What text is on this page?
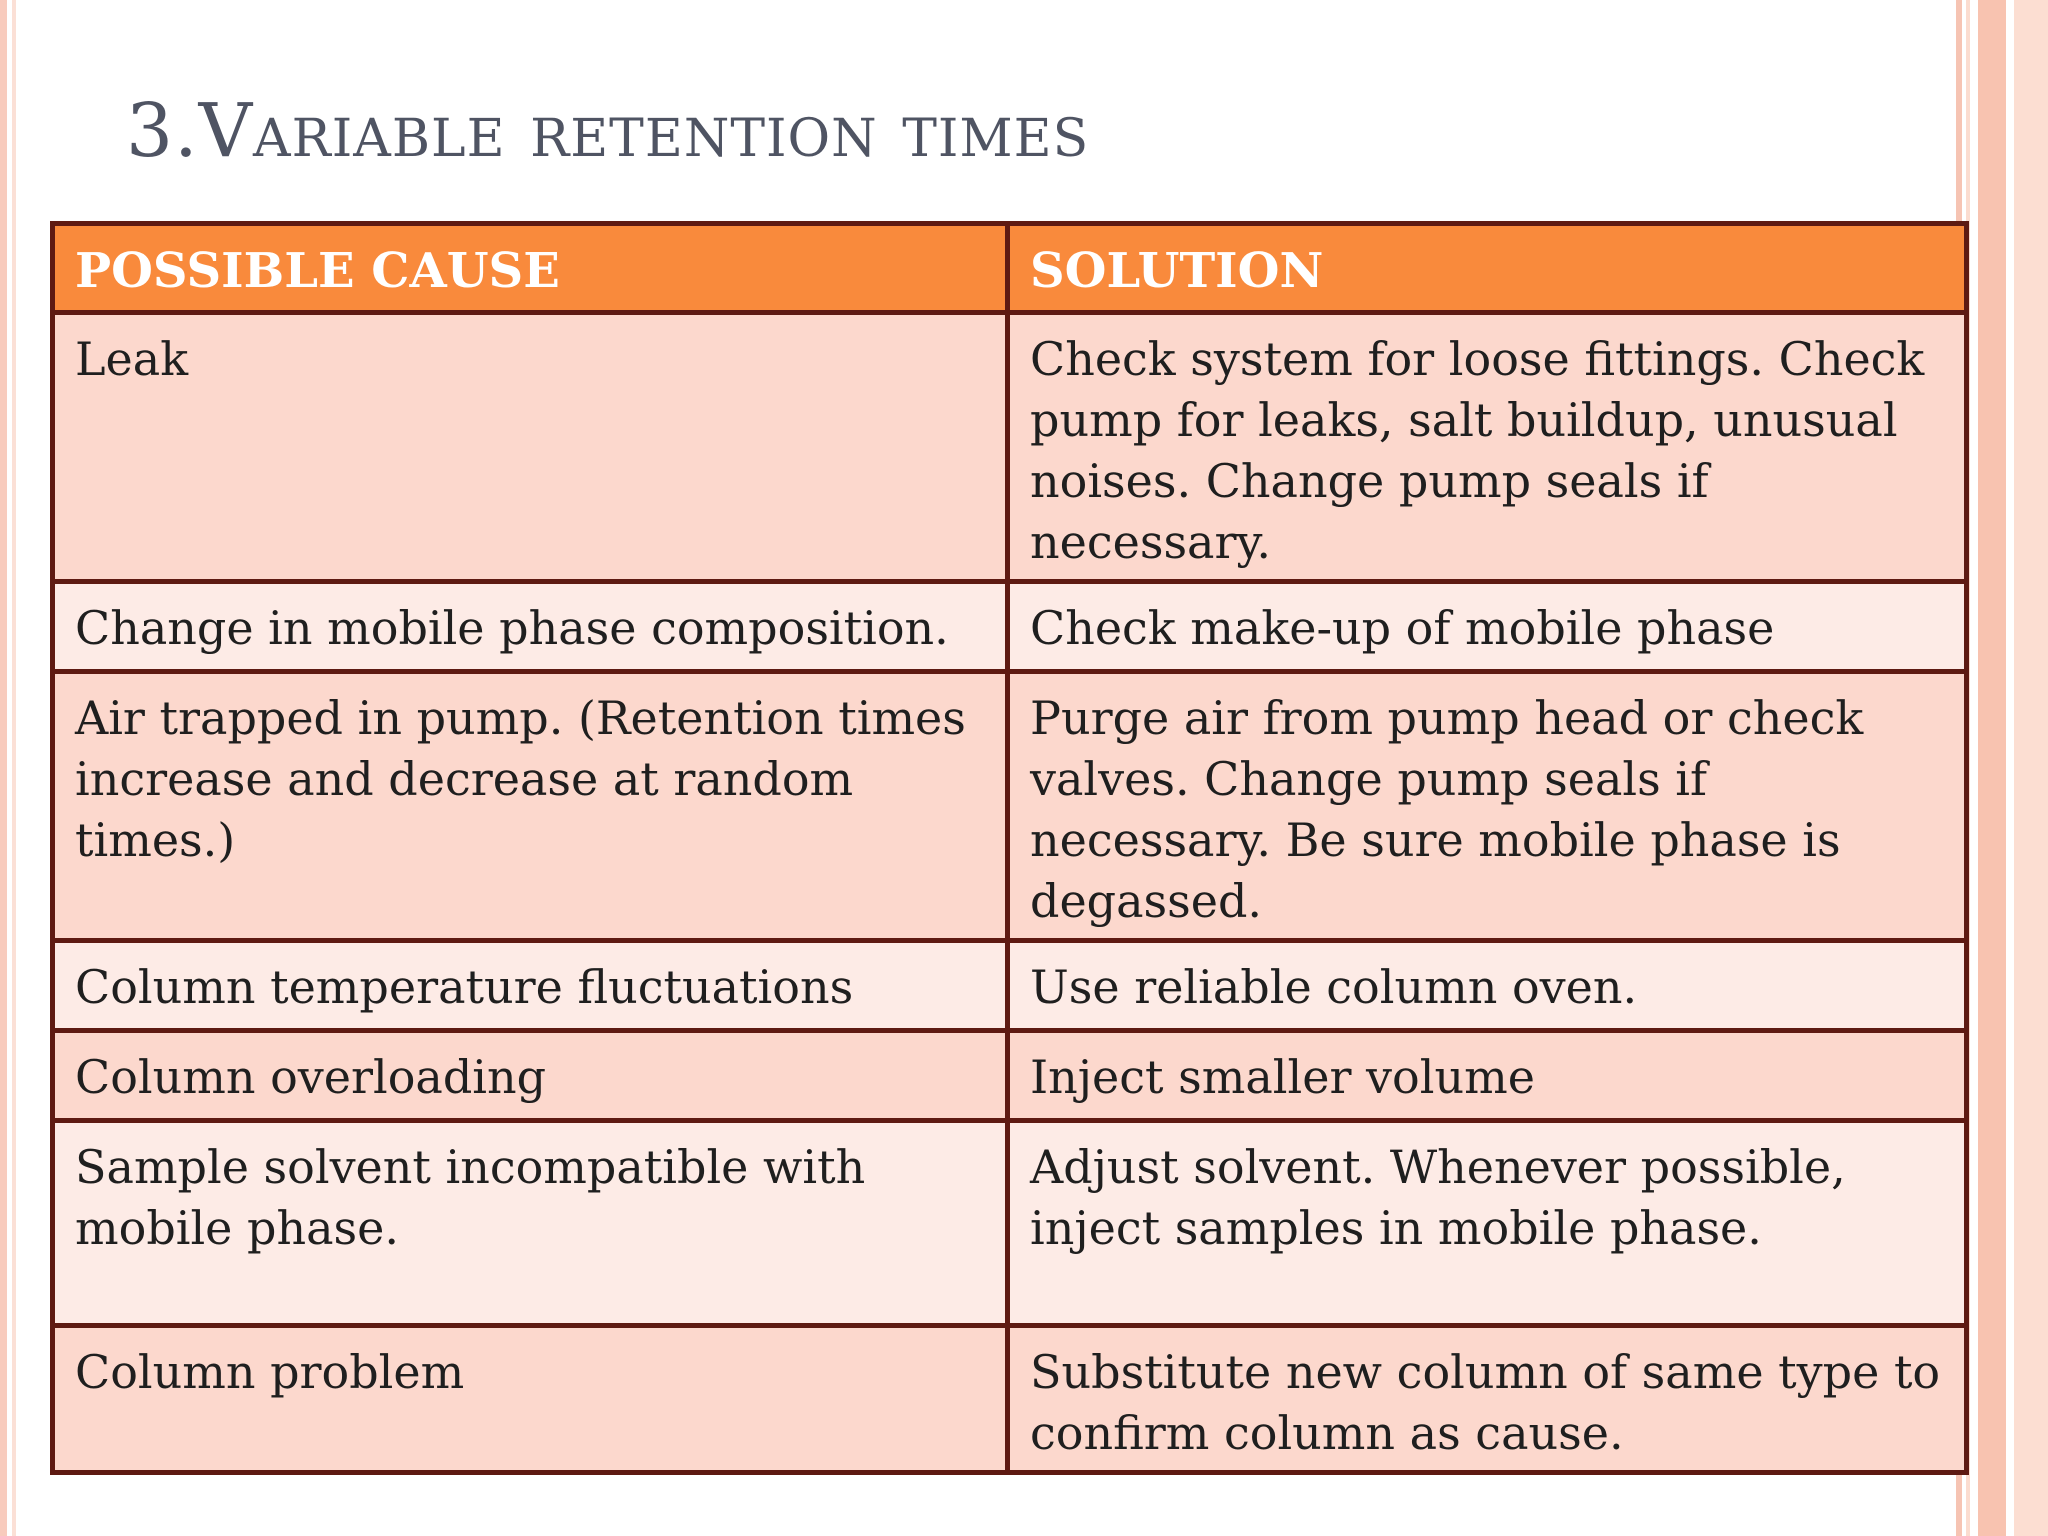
3.Variable retention times
POSSIBLE CAUSE	SOLUTION
Leak	Check system for loose fittings. Check pump for leaks, salt buildup, unusual noises. Change pump seals if necessary.
Change in mobile phase composition.	Check make-up of mobile phase
Air trapped in pump. (Retention times increase and decrease at random times.)	Purge air from pump head or check valves. Change pump seals if necessary. Be sure mobile phase is degassed.
Column temperature fluctuations	Use reliable column oven.
Column overloading	Inject smaller volume
Sample solvent incompatible with mobile phase.	Adjust solvent. Whenever possible, inject samples in mobile phase.
Column problem	Substitute new column of same type to confirm column as cause.
